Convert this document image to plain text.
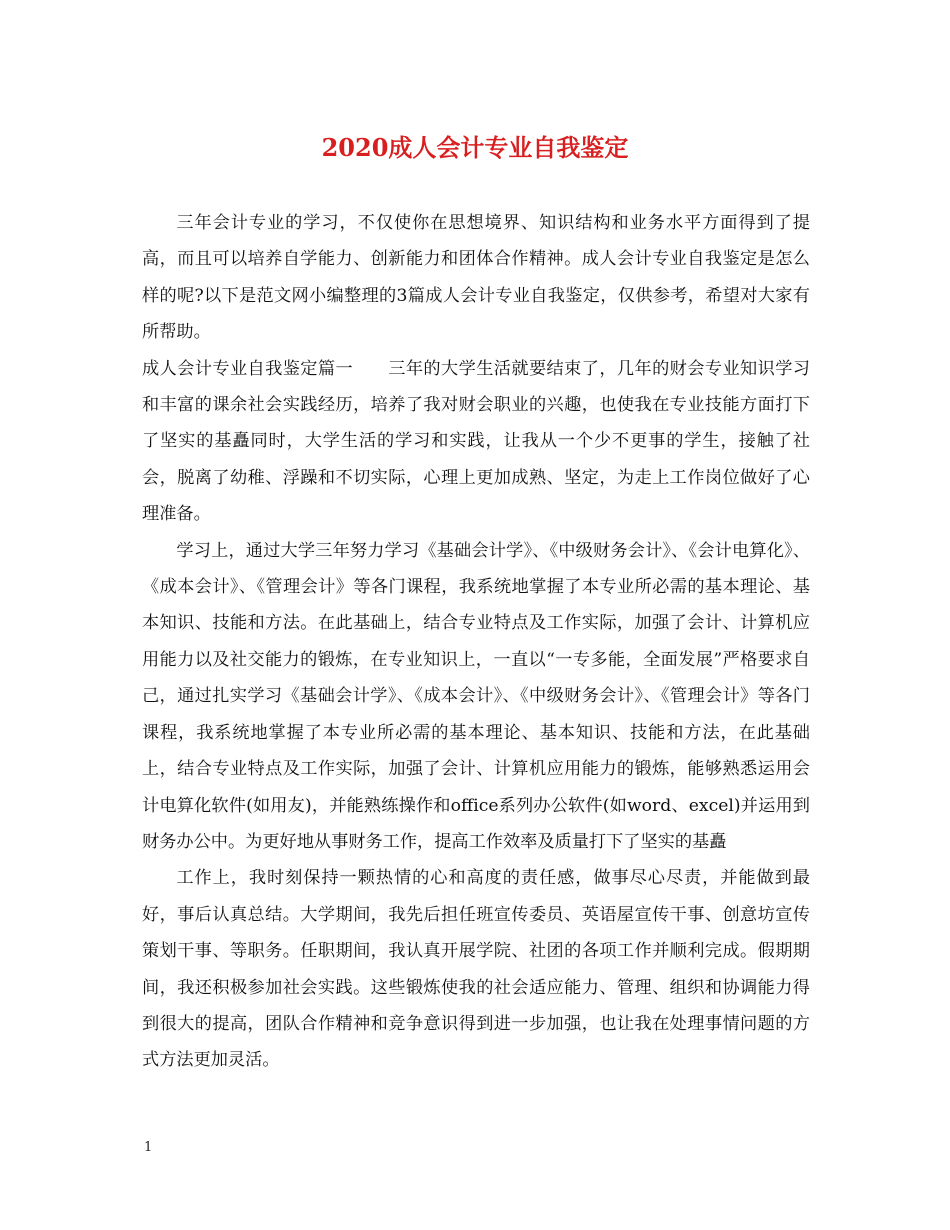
2020成人会计专业自我鉴定

三年会计专业的学习，不仅使你在思想境界、知识结构和业务水平方面得到了提高，而且可以培养自学能力、创新能力和团体合作精神。成人会计专业自我鉴定是怎么样的呢?以下是范文网小编整理的3篇成人会计专业自我鉴定，仅供参考，希望对大家有所帮助。

成人会计专业自我鉴定篇一　　三年的大学生活就要结束了，几年的财会专业知识学习和丰富的课余社会实践经历，培养了我对财会职业的兴趣，也使我在专业技能方面打下了坚实的基矗同时，大学生活的学习和实践，让我从一个少不更事的学生，接触了社会，脱离了幼稚、浮躁和不切实际，心理上更加成熟、坚定，为走上工作岗位做好了心理准备。

学习上，通过大学三年努力学习《基础会计学》、《中级财务会计》、《会计电算化》、《成本会计》、《管理会计》等各门课程，我系统地掌握了本专业所必需的基本理论、基本知识、技能和方法。在此基础上，结合专业特点及工作实际，加强了会计、计算机应用能力以及社交能力的锻炼，在专业知识上，一直以“一专多能，全面发展”严格要求自己，通过扎实学习《基础会计学》、《成本会计》、《中级财务会计》、《管理会计》等各门课程，我系统地掌握了本专业所必需的基本理论、基本知识、技能和方法，在此基础上，结合专业特点及工作实际，加强了会计、计算机应用能力的锻炼，能够熟悉运用会计电算化软件(如用友)，并能熟练操作和office系列办公软件(如word、excel)并运用到财务办公中。为更好地从事财务工作，提高工作效率及质量打下了坚实的基矗

工作上，我时刻保持一颗热情的心和高度的责任感，做事尽心尽责，并能做到最好，事后认真总结。大学期间，我先后担任班宣传委员、英语屋宣传干事、创意坊宣传策划干事、等职务。任职期间，我认真开展学院、社团的各项工作并顺利完成。假期期间，我还积极参加社会实践。这些锻炼使我的社会适应能力、管理、组织和协调能力得到很大的提高，团队合作精神和竞争意识得到进一步加强，也让我在处理事情问题的方式方法更加灵活。

1
